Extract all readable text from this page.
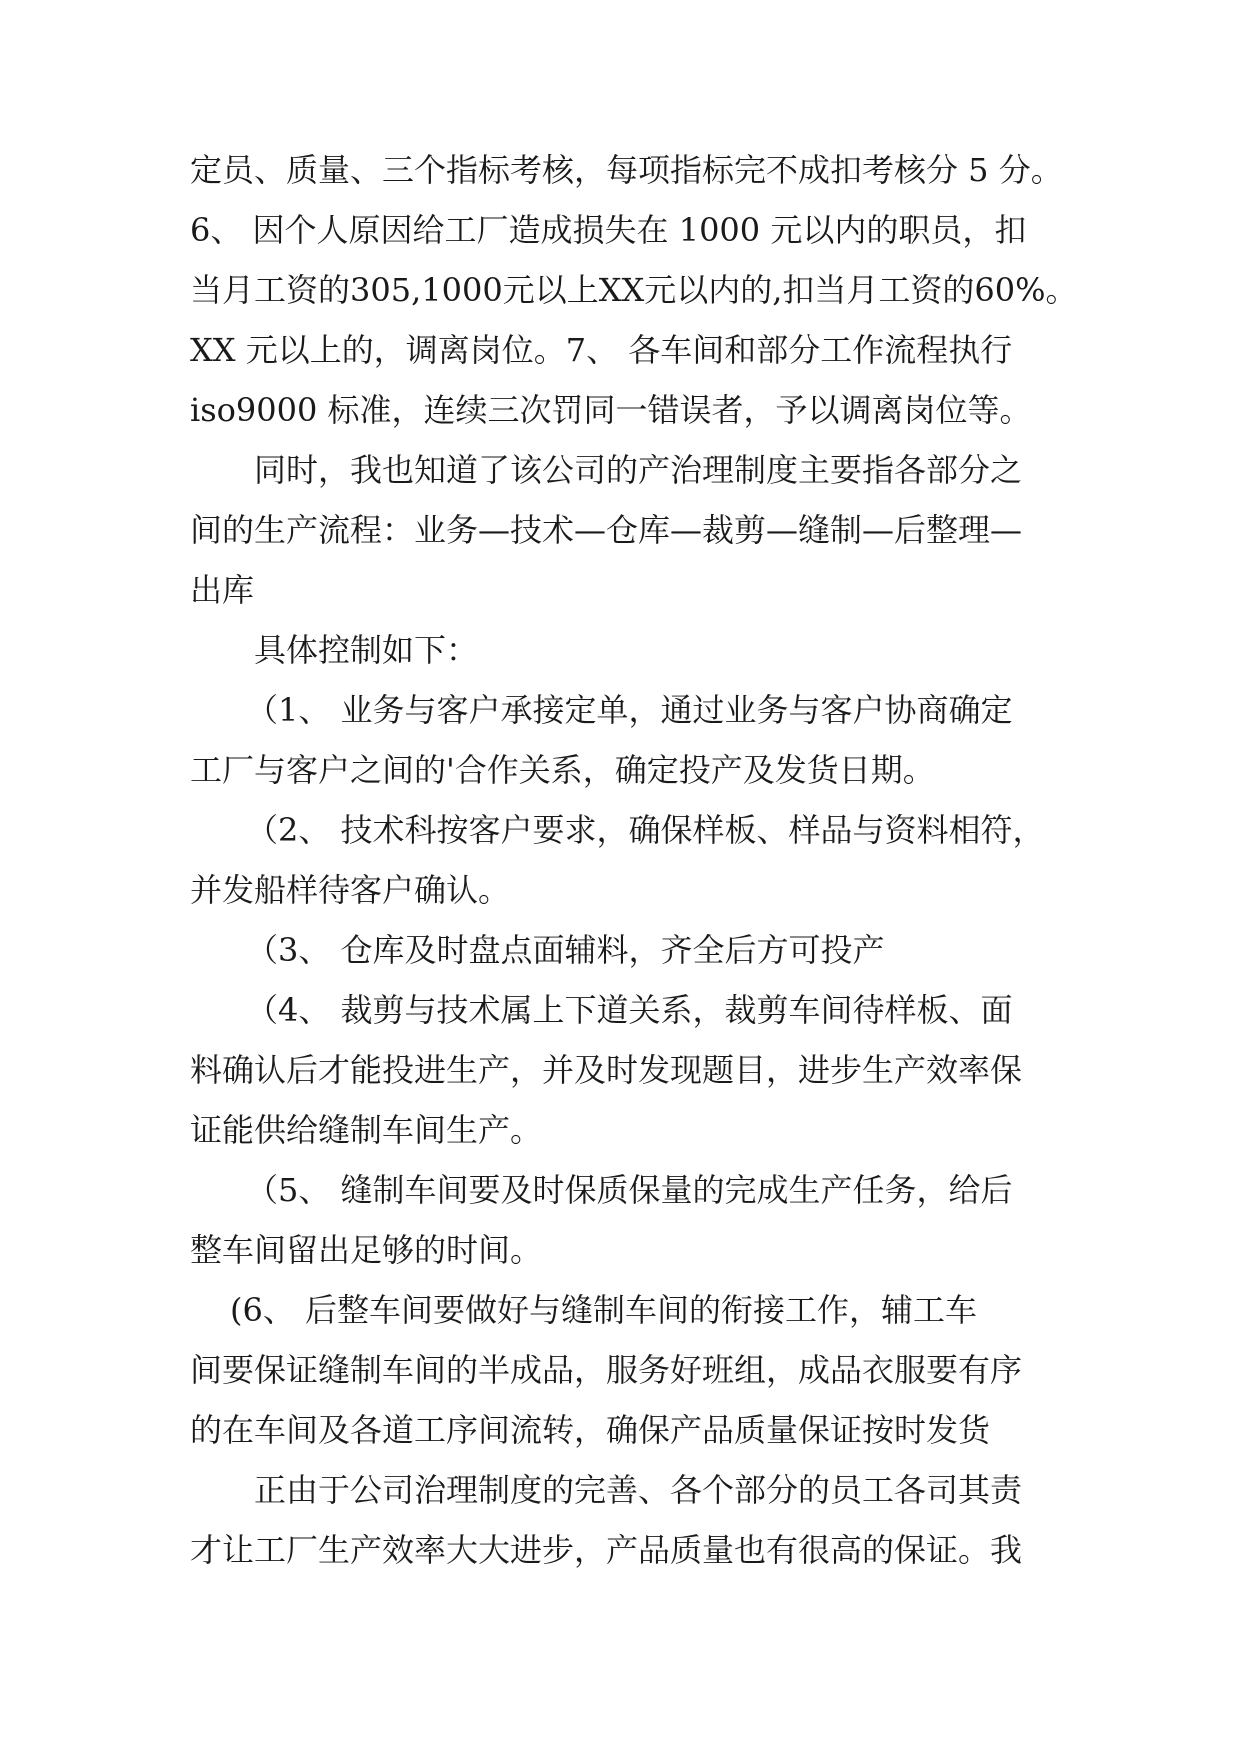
定员、质量、三个指标考核，每项指标完不成扣考核分 5 分。
6、 因个人原因给工厂造成损失在 1000 元以内的职员，扣
当月工资的305,1000元以上XX元以内的,扣当月工资的60%。
XX 元以上的，调离岗位。7、 各车间和部分工作流程执行
iso9000 标准，连续三次罚同一错误者，予以调离岗位等。
同时，我也知道了该公司的产治理制度主要指各部分之
间的生产流程：业务—技术—仓库—裁剪—缝制—后整理—
出库
具体控制如下：
（1、 业务与客户承接定单，通过业务与客户协商确定
工厂与客户之间的'合作关系，确定投产及发货日期。
（2、 技术科按客户要求，确保样板、样品与资料相符，
并发船样待客户确认。
（3、 仓库及时盘点面辅料，齐全后方可投产
（4、 裁剪与技术属上下道关系，裁剪车间待样板、面
料确认后才能投进生产，并及时发现题目，进步生产效率保
证能供给缝制车间生产。
（5、 缝制车间要及时保质保量的完成生产任务，给后
整车间留出足够的时间。
(6、 后整车间要做好与缝制车间的衔接工作，辅工车
间要保证缝制车间的半成品，服务好班组，成品衣服要有序
的在车间及各道工序间流转，确保产品质量保证按时发货
正由于公司治理制度的完善、各个部分的员工各司其责
才让工厂生产效率大大进步，产品质量也有很高的保证。我
